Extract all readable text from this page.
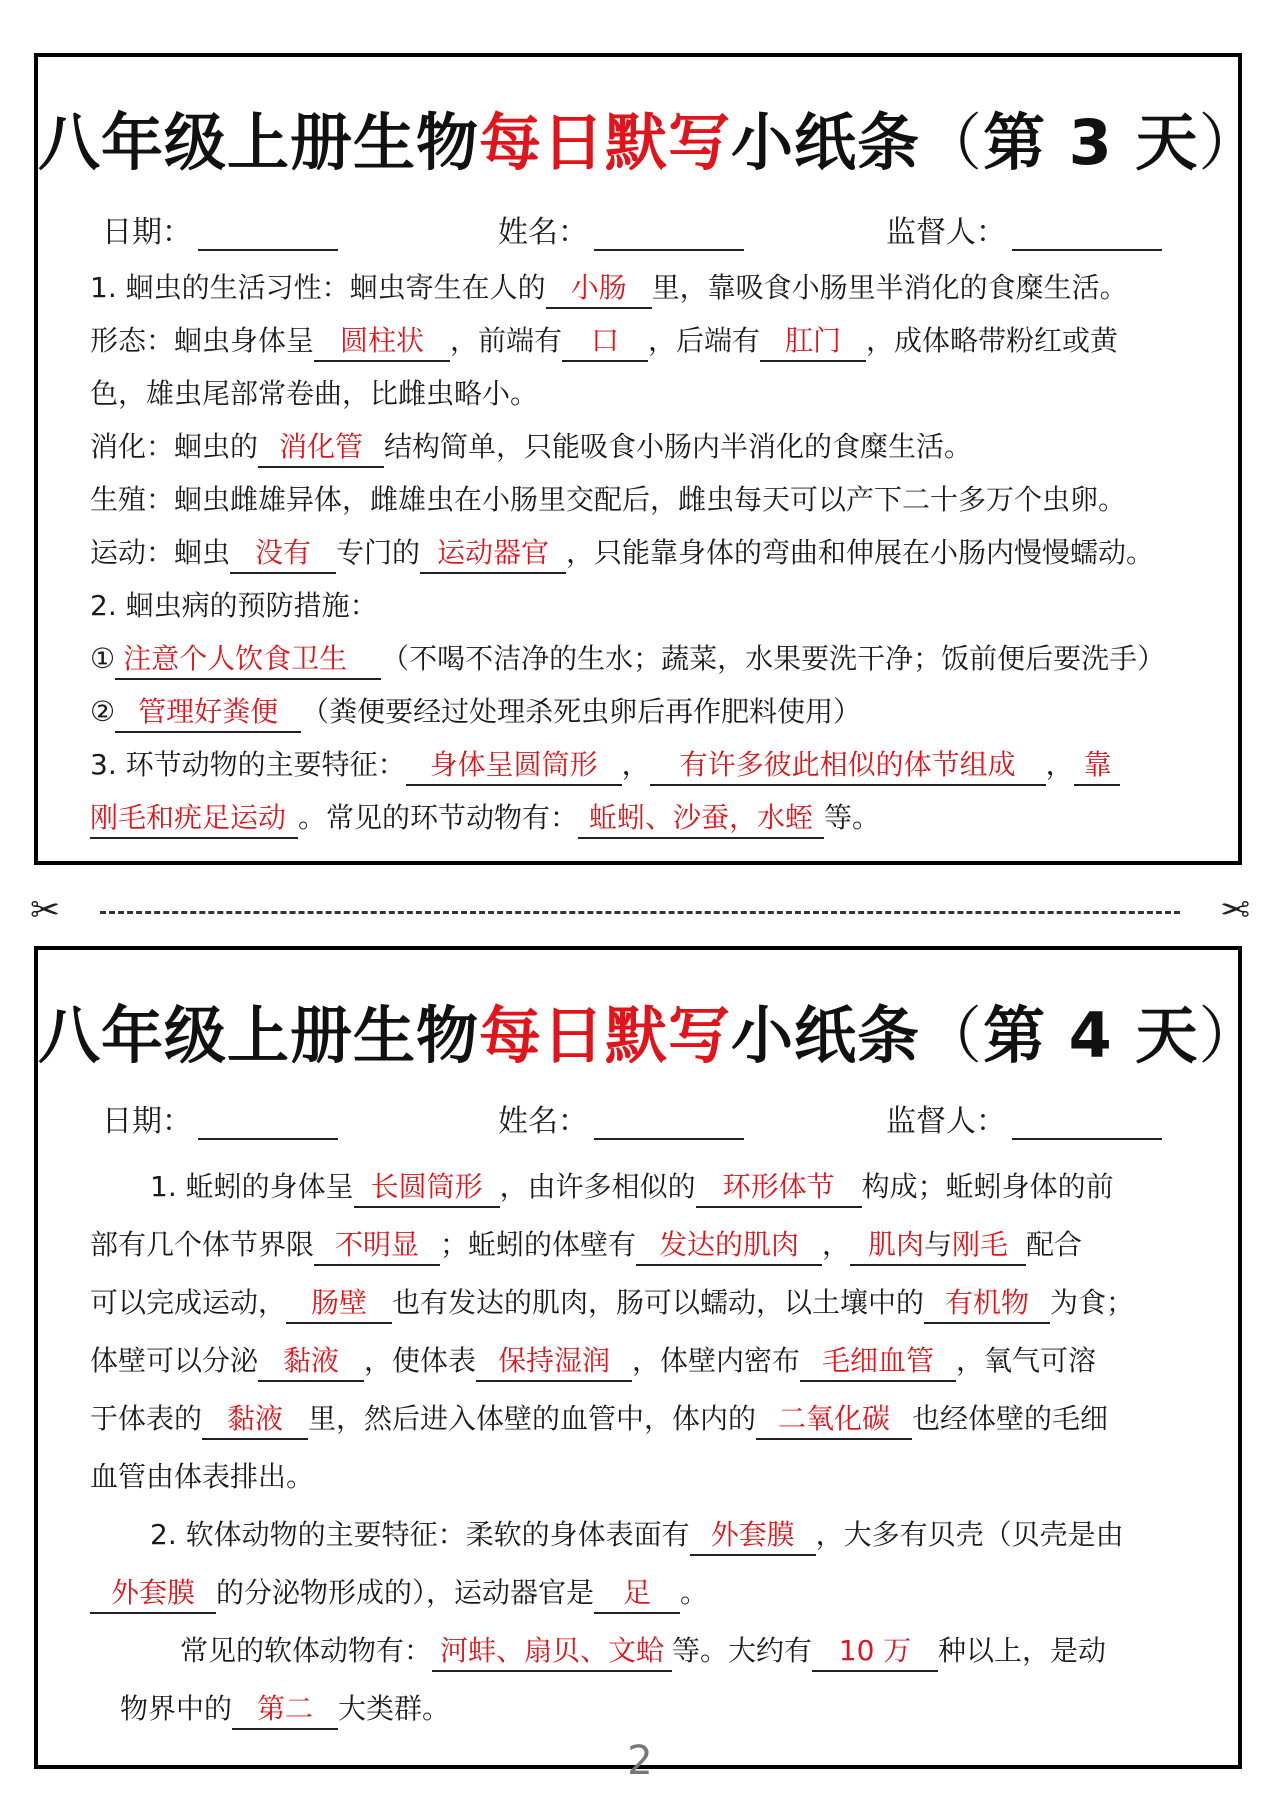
八年级上册生物每日默写小纸条（第 3 天）
日期：	姓名：	监督人：

1. 蛔虫的生活习性：蛔虫寄生在人的 小肠 里，靠吸食小肠里半消化的食糜生活。

形态：蛔虫身体呈 圆柱状 ，前端有 口 ，后端有 肛门 ，成体略带粉红或黄

色，雄虫尾部常卷曲，比雌虫略小。

消化：蛔虫的 消化管 结构简单，只能吸食小肠内半消化的食糜生活。

生殖：蛔虫雌雄异体，雌雄虫在小肠里交配后，雌虫每天可以产下二十多万个虫卵。

运动：蛔虫 没有 专门的 运动器官 ，只能靠身体的弯曲和伸展在小肠内慢慢蠕动。

2. 蛔虫病的预防措施：

① 注意个人饮食卫生 （不喝不洁净的生水；蔬菜，水果要洗干净；饭前便后要洗手）

② 管理好粪便 （粪便要经过处理杀死虫卵后再作肥料使用）

3. 环节动物的主要特征： 身体呈圆筒形 ， 有许多彼此相似的体节组成 ， 靠

刚毛和疣足运动 。常见的环节动物有： 蚯蚓、沙蚕，水蛭 等。

✂	✂
八年级上册生物每日默写小纸条（第 4 天）
日期：	姓名：	监督人：

1. 蚯蚓的身体呈 长圆筒形 ，由许多相似的 环形体节 构成；蚯蚓身体的前

部有几个体节界限 不明显 ；蚯蚓的体壁有 发达的肌肉 ， 肌肉与刚毛 配合

可以完成运动， 肠壁 也有发达的肌肉，肠可以蠕动，以土壤中的 有机物 为食；

体壁可以分泌 黏液 ，使体表 保持湿润 ，体壁内密布 毛细血管 ，氧气可溶

于体表的 黏液 里，然后进入体壁的血管中，体内的 二氧化碳 也经体壁的毛细

血管由体表排出。

2. 软体动物的主要特征：柔软的身体表面有 外套膜 ，大多有贝壳（贝壳是由

外套膜 的分泌物形成的），运动器官是 足 。

常见的软体动物有： 河蚌、扇贝、文蛤 等。大约有 10 万 种以上，是动

物界中的 第二 大类群。

2
